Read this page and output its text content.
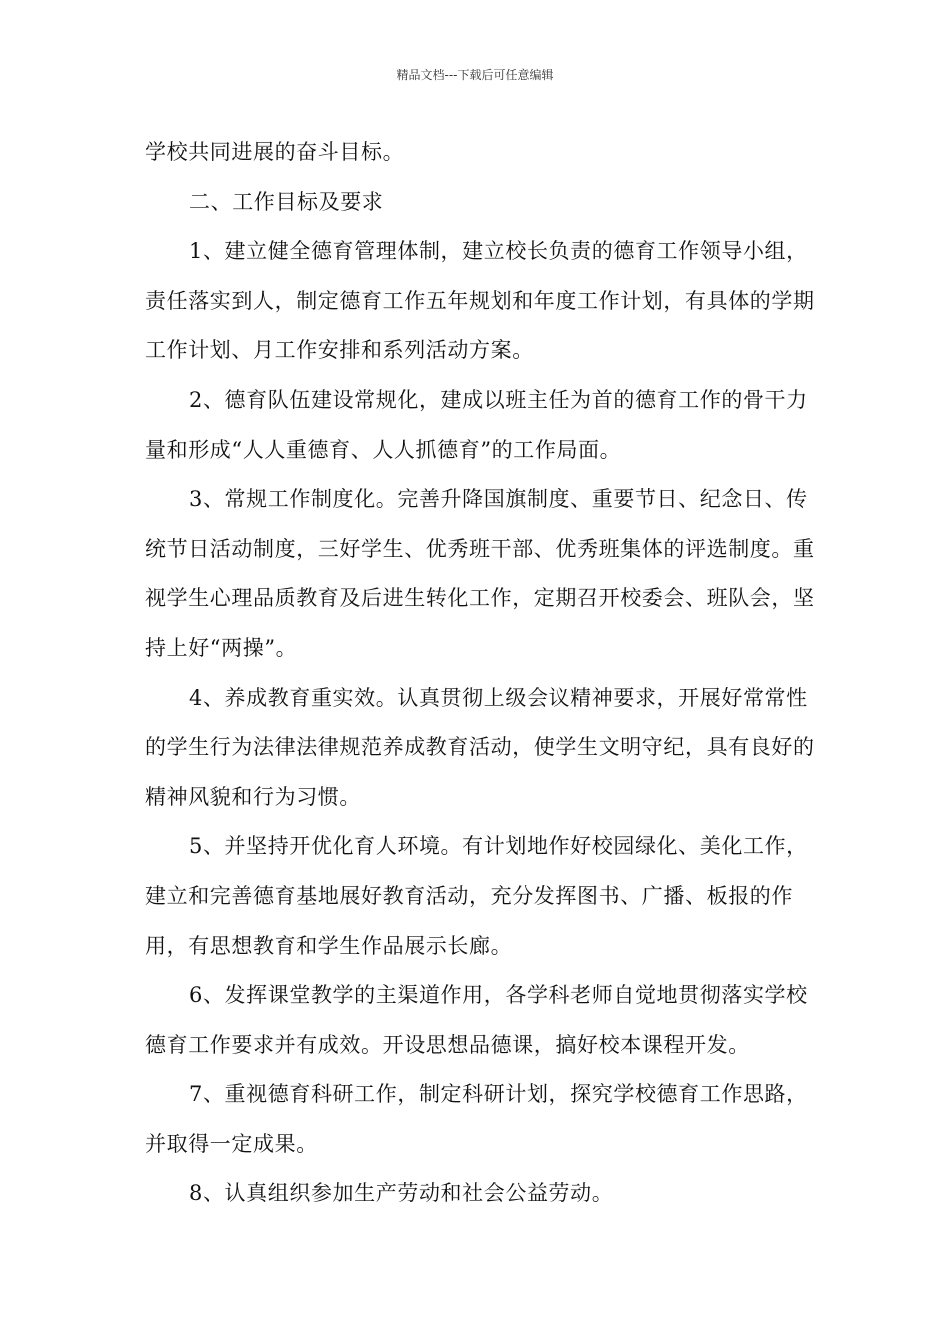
精品文档---下载后可任意编辑

学校共同进展的奋斗目标。

二、工作目标及要求

1、建立健全德育管理体制，建立校长负责的德育工作领导小组，责任落实到人，制定德育工作五年规划和年度工作计划，有具体的学期工作计划、月工作安排和系列活动方案。

2、德育队伍建设常规化，建成以班主任为首的德育工作的骨干力量和形成“人人重德育、人人抓德育”的工作局面。

3、常规工作制度化。完善升降国旗制度、重要节日、纪念日、传统节日活动制度，三好学生、优秀班干部、优秀班集体的评选制度。重视学生心理品质教育及后进生转化工作，定期召开校委会、班队会，坚持上好“两操”。

4、养成教育重实效。认真贯彻上级会议精神要求，开展好常常性的学生行为法律法律规范养成教育活动，使学生文明守纪，具有良好的精神风貌和行为习惯。

5、并坚持开优化育人环境。有计划地作好校园绿化、美化工作，建立和完善德育基地展好教育活动，充分发挥图书、广播、板报的作用，有思想教育和学生作品展示长廊。

6、发挥课堂教学的主渠道作用，各学科老师自觉地贯彻落实学校德育工作要求并有成效。开设思想品德课，搞好校本课程开发。

7、重视德育科研工作，制定科研计划，探究学校德育工作思路，并取得一定成果。

8、认真组织参加生产劳动和社会公益劳动。
